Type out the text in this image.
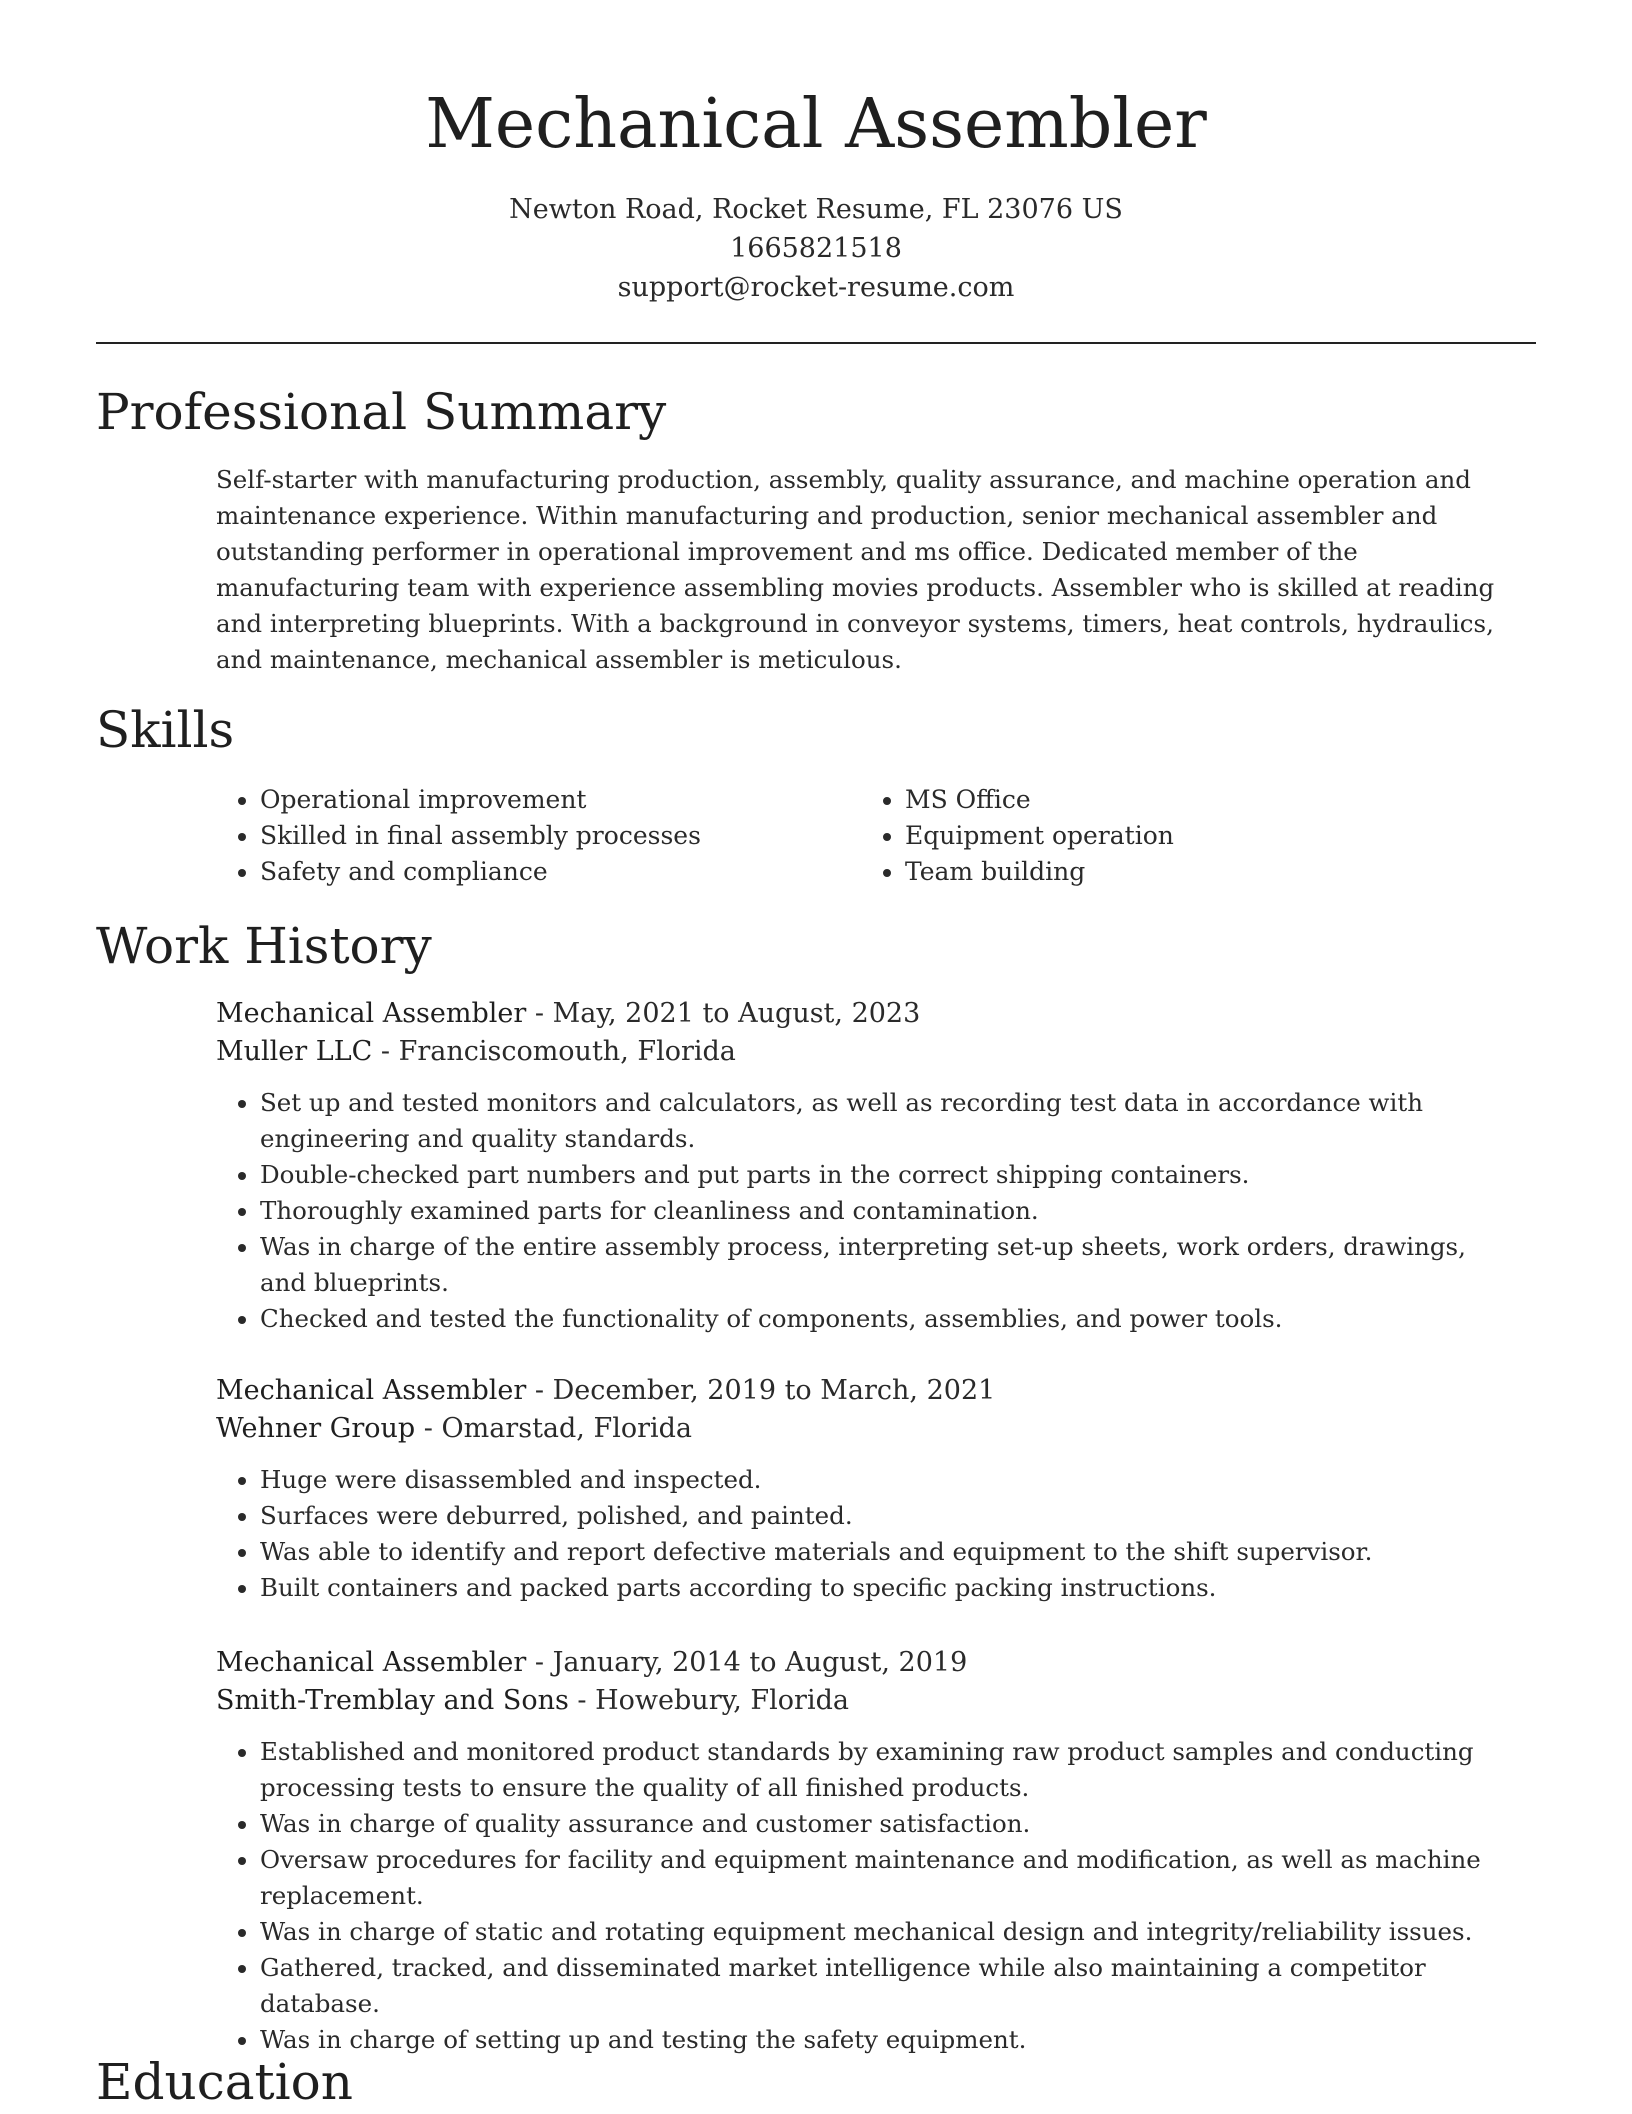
Mechanical Assembler
Newton Road, Rocket Resume, FL 23076 US
1665821518
support@rocket-resume.com
Professional Summary

Self-starter with manufacturing production, assembly, quality assurance, and machine operation and maintenance experience. Within manufacturing and production, senior mechanical assembler and outstanding performer in operational improvement and ms office. Dedicated member of the manufacturing team with experience assembling movies products. Assembler who is skilled at reading and interpreting blueprints. With a background in conveyor systems, timers, heat controls, hydraulics, and maintenance, mechanical assembler is meticulous.

Skills
• Operational improvement
• Skilled in final assembly processes
• Safety and compliance
• MS Office
• Equipment operation
• Team building
Work History
Mechanical Assembler - May, 2021 to August, 2023
Muller LLC - Franciscomouth, Florida
• Set up and tested monitors and calculators, as well as recording test data in accordance with engineering and quality standards.
• Double-checked part numbers and put parts in the correct shipping containers.
• Thoroughly examined parts for cleanliness and contamination.
• Was in charge of the entire assembly process, interpreting set-up sheets, work orders, drawings, and blueprints.
• Checked and tested the functionality of components, assemblies, and power tools.
Mechanical Assembler - December, 2019 to March, 2021
Wehner Group - Omarstad, Florida
• Huge were disassembled and inspected.
• Surfaces were deburred, polished, and painted.
• Was able to identify and report defective materials and equipment to the shift supervisor.
• Built containers and packed parts according to specific packing instructions.
Mechanical Assembler - January, 2014 to August, 2019
Smith-Tremblay and Sons - Howebury, Florida
• Established and monitored product standards by examining raw product samples and conducting processing tests to ensure the quality of all finished products.
• Was in charge of quality assurance and customer satisfaction.
• Oversaw procedures for facility and equipment maintenance and modification, as well as machine replacement.
• Was in charge of static and rotating equipment mechanical design and integrity/reliability issues.
• Gathered, tracked, and disseminated market intelligence while also maintaining a competitor database.
• Was in charge of setting up and testing the safety equipment.
Education
